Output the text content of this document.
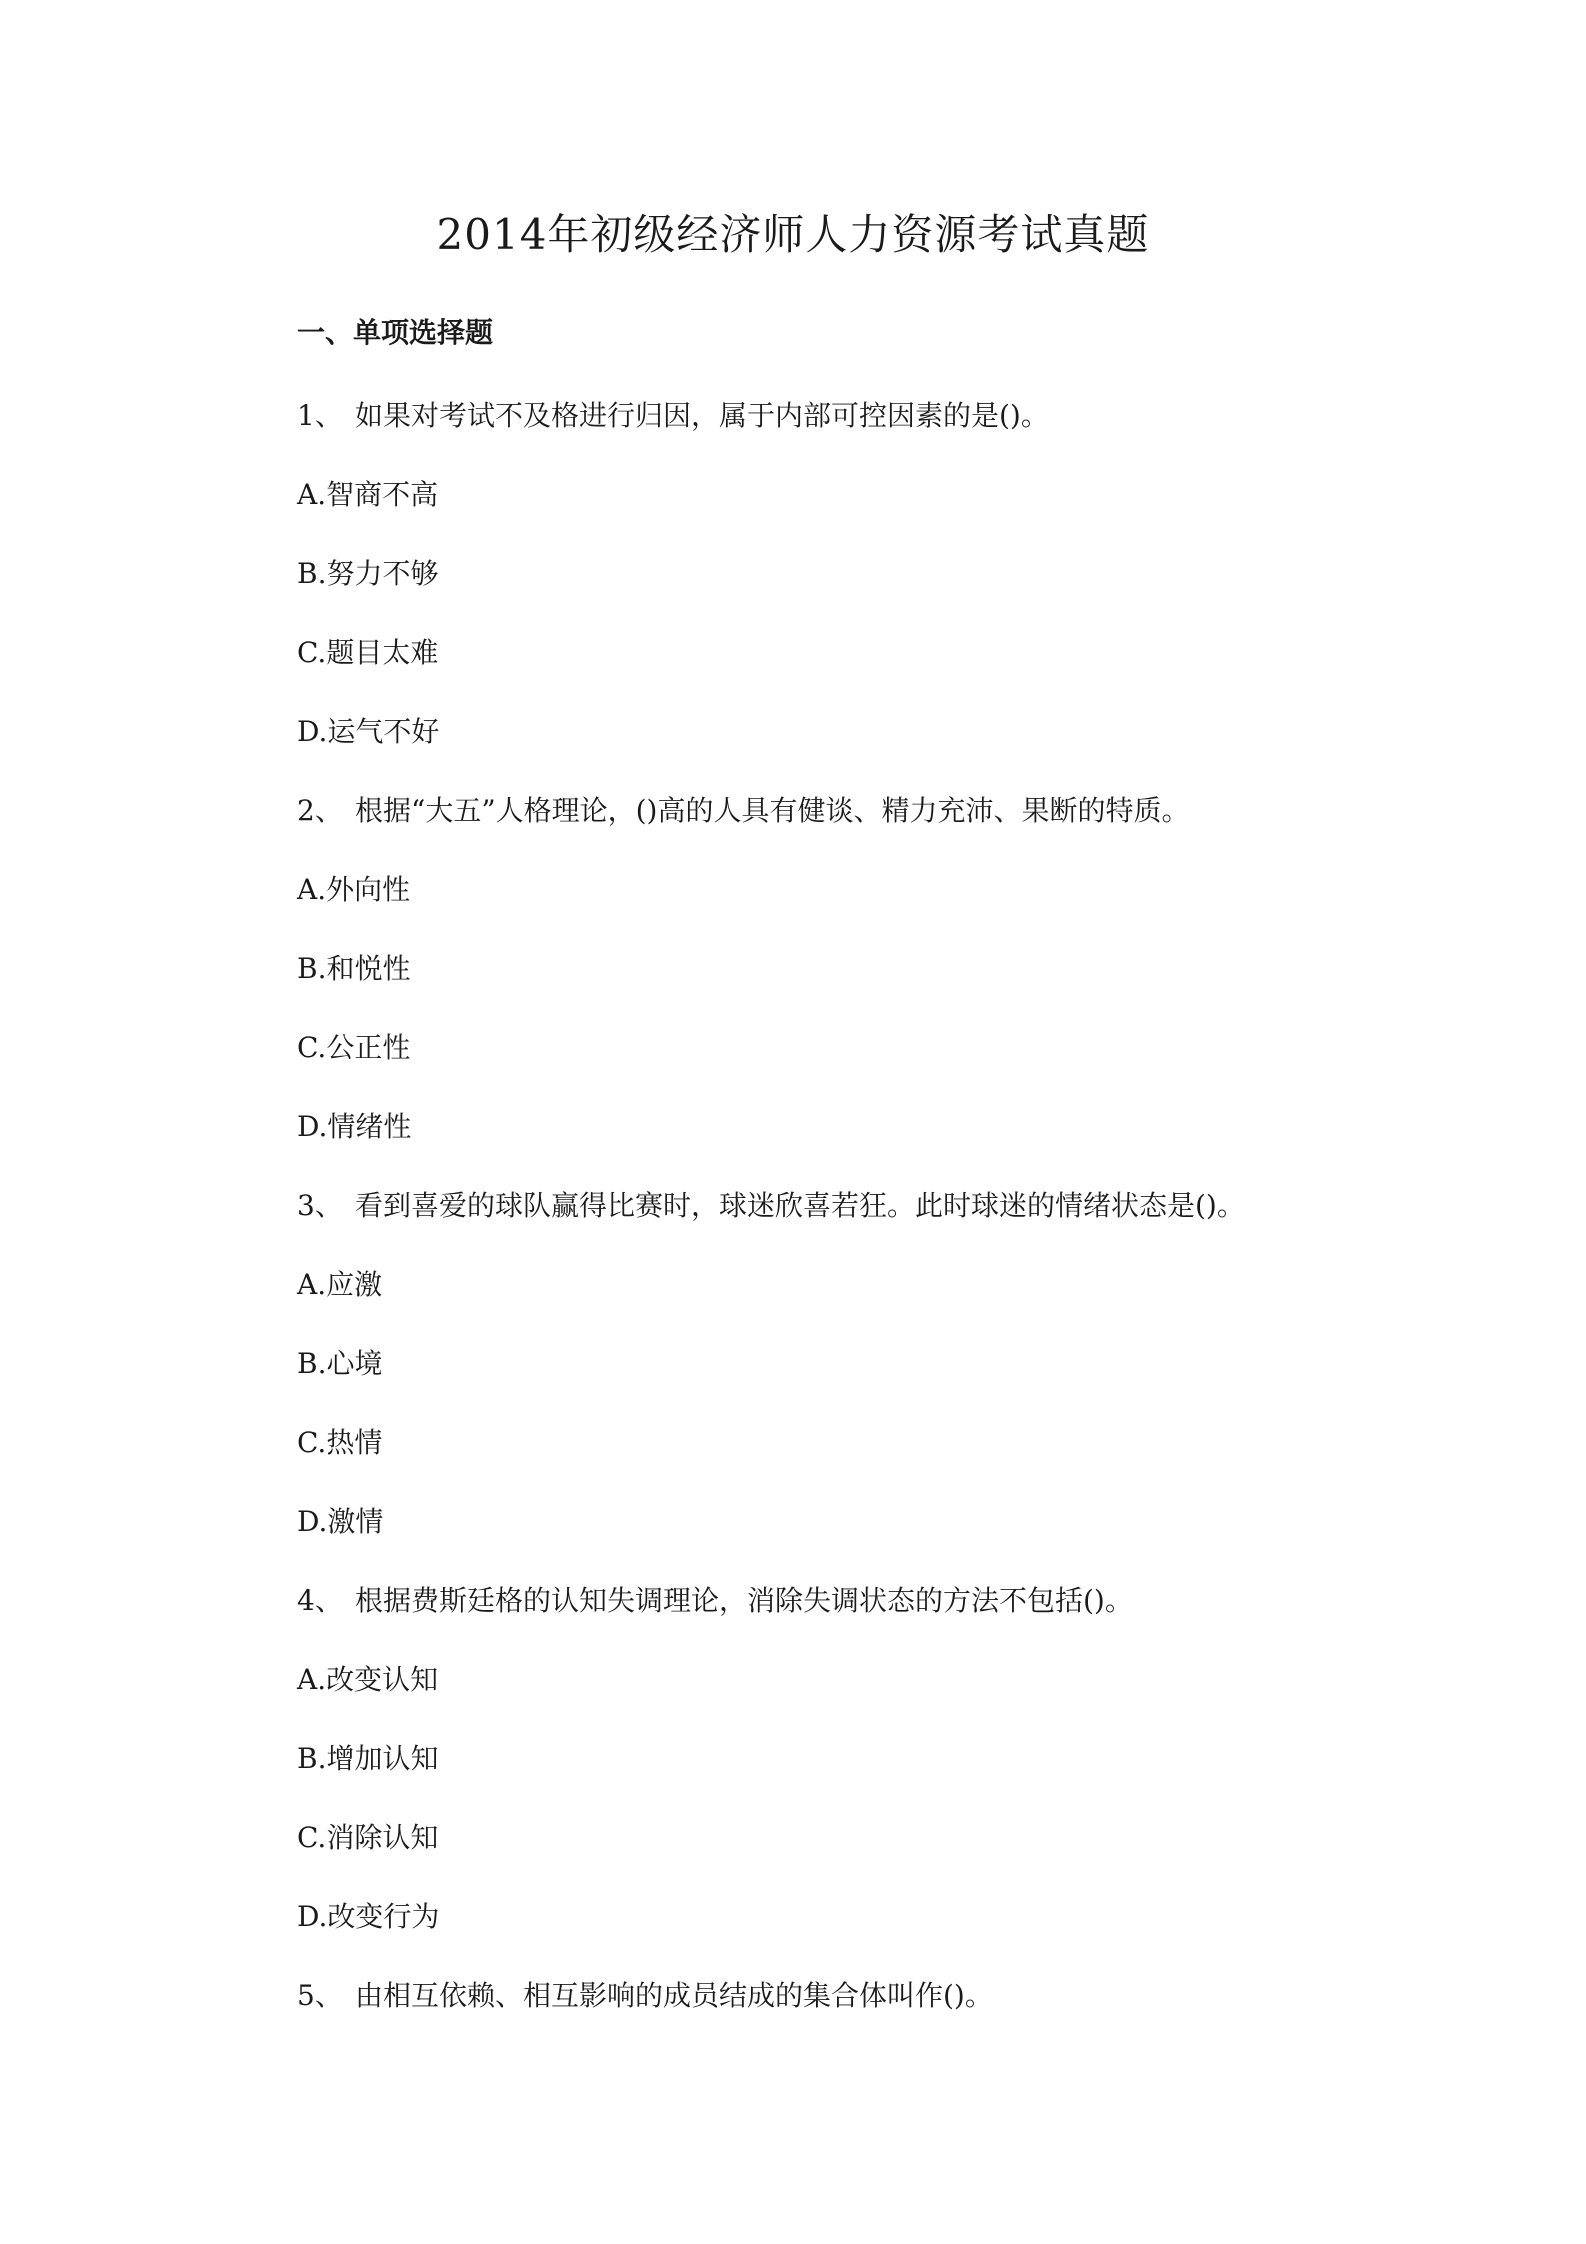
2014年初级经济师人力资源考试真题
一、单项选择题

1、 如果对考试不及格进行归因，属于内部可控因素的是()。

A.智商不高

B.努力不够

C.题目太难

D.运气不好

2、 根据“大五”人格理论，()高的人具有健谈、精力充沛、果断的特质。

A.外向性

B.和悦性

C.公正性

D.情绪性

3、 看到喜爱的球队赢得比赛时，球迷欣喜若狂。此时球迷的情绪状态是()。

A.应激

B.心境

C.热情

D.激情

4、 根据费斯廷格的认知失调理论，消除失调状态的方法不包括()。

A.改变认知

B.增加认知

C.消除认知

D.改变行为

5、 由相互依赖、相互影响的成员结成的集合体叫作()。
